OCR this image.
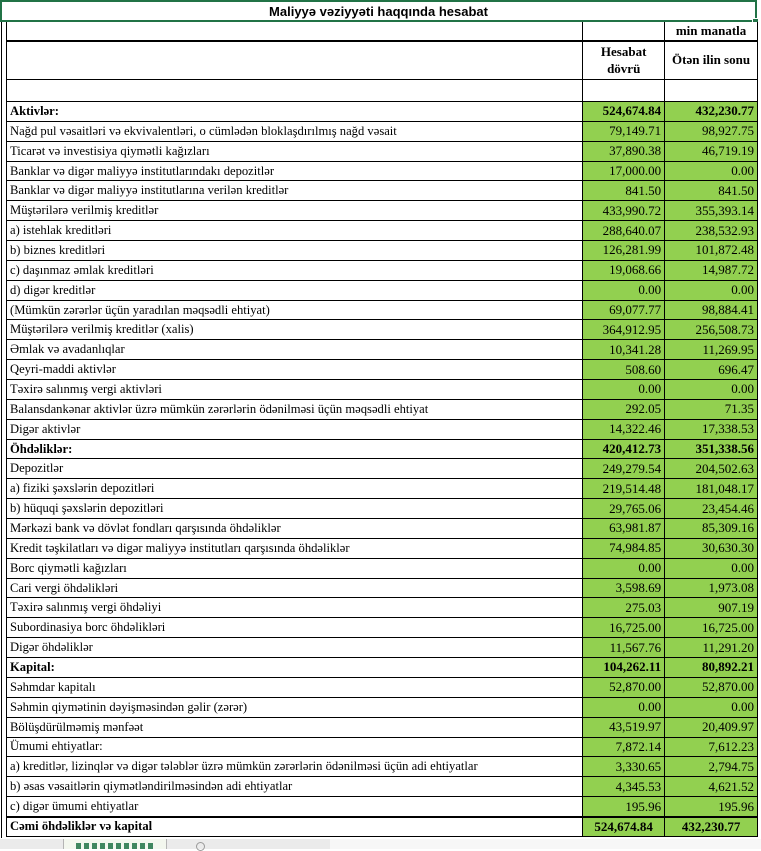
Maliyyə vəziyyəti haqqında hesabat
min manatla
Hesabat dövrü
Ötən ilin sonu
Aktivlər:	524,674.84	432,230.77
Nağd pul vəsaitləri və ekvivalentləri, o cümlədən bloklaşdırılmış nağd vəsait	79,149.71	98,927.75
Ticarət və investisiya qiymətli kağızları	37,890.38	46,719.19
Banklar və digər maliyyə institutlarındakı depozitlər	17,000.00	0.00
Banklar və digər maliyyə institutlarına verilən kreditlər	841.50	841.50
Müştərilərə verilmiş kreditlər	433,990.72	355,393.14
a) istehlak kreditləri	288,640.07	238,532.93
b) biznes kreditləri	126,281.99	101,872.48
c) daşınmaz əmlak kreditləri	19,068.66	14,987.72
d) digər kreditlər	0.00	0.00
(Mümkün zərərlər üçün yaradılan məqsədli ehtiyat)	69,077.77	98,884.41
Müştərilərə verilmiş kreditlər (xalis)	364,912.95	256,508.73
Əmlak və avadanlıqlar	10,341.28	11,269.95
Qeyri-maddi aktivlər	508.60	696.47
Təxirə salınmış vergi aktivləri	0.00	0.00
Balansdankənar aktivlər üzrə mümkün zərərlərin ödənilməsi üçün məqsədli ehtiyat	292.05	71.35
Digər aktivlər	14,322.46	17,338.53
Öhdəliklər:	420,412.73	351,338.56
Depozitlər	249,279.54	204,502.63
a) fiziki şəxslərin depozitləri	219,514.48	181,048.17
b) hüquqi şəxslərin depozitləri	29,765.06	23,454.46
Mərkəzi bank və dövlət fondları qarşısında öhdəliklər	63,981.87	85,309.16
Kredit təşkilatları və digər maliyyə institutları qarşısında öhdəliklər	74,984.85	30,630.30
Borc qiymətli kağızları	0.00	0.00
Cari vergi öhdəlikləri	3,598.69	1,973.08
Təxirə salınmış vergi öhdəliyi	275.03	907.19
Subordinasiya borc öhdəlikləri	16,725.00	16,725.00
Digər öhdəliklər	11,567.76	11,291.20
Kapital:	104,262.11	80,892.21
Səhmdar kapitalı	52,870.00	52,870.00
Səhmin qiymətinin dəyişməsindən gəlir (zərər)	0.00	0.00
Bölüşdürülməmiş mənfəət	43,519.97	20,409.97
Ümumi ehtiyatlar:	7,872.14	7,612.23
a) kreditlər, lizinqlər və digər tələblər üzrə mümkün zərərlərin ödənilməsi üçün adi ehtiyatlar	3,330.65	2,794.75
b) əsas vəsaitlərin qiymətləndirilməsindən adi ehtiyatlar	4,345.53	4,621.52
c) digər ümumi ehtiyatlar	195.96	195.96
Cəmi öhdəliklər və kapital	524,674.84	432,230.77
